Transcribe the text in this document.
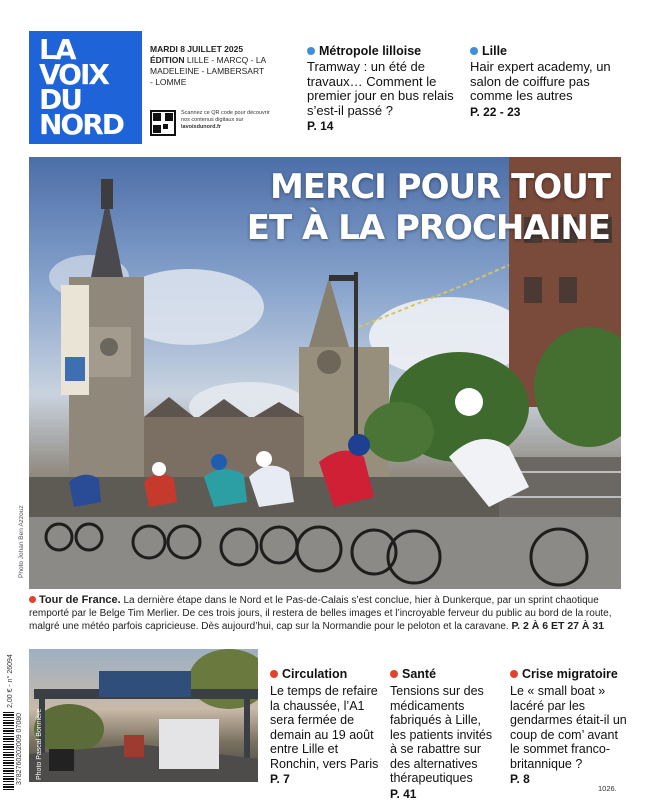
LA
VOIX
DU
NORD
MARDI 8 JUILLET 2025
ÉDITION LILLE - MARCQ - LA MADELEINE - LAMBERSART - LOMME
Scannez ce QR code pour découvrir nos contenus digitaux sur lavoixdunord.fr
Métropole lilloise
Tramway : un été de travaux… Comment le premier jour en bus relais s’est-il passé ?
P. 14
Lille
Hair expert academy, un salon de coiffure pas comme les autres
P. 22 - 23
MERCI POUR TOUT
ET À LA PROCHAINE
Photo Johan Ben Azzouz
Tour de France. La dernière étape dans le Nord et le Pas-de-Calais s’est conclue, hier à Dunkerque, par un sprint chaotique remporté par le Belge Tim Merlier. De ces trois jours, il restera de belles images et l’incroyable ferveur du public au bord de la route, malgré une météo parfois capricieuse. Dès aujourd’hui, cap sur la Normandie pour le peloton et la caravane. P. 2 À 6 ET 27 À 31
2,00 € - n° 26094
3782760202009 07080 Photo Pascal Bonnière
Circulation
Le temps de refaire la chaussée, l’A1 sera fermée de demain au 19 août entre Lille et Ronchin, vers Paris
P. 7
Santé
Tensions sur des médicaments fabriqués à Lille, les patients invités à se rabattre sur des alternatives thérapeutiques
P. 41
Crise migratoire
Le « small boat » lacéré par les gendarmes était-il un coup de com’ avant le sommet franco-britannique ?
P. 8
1026.
